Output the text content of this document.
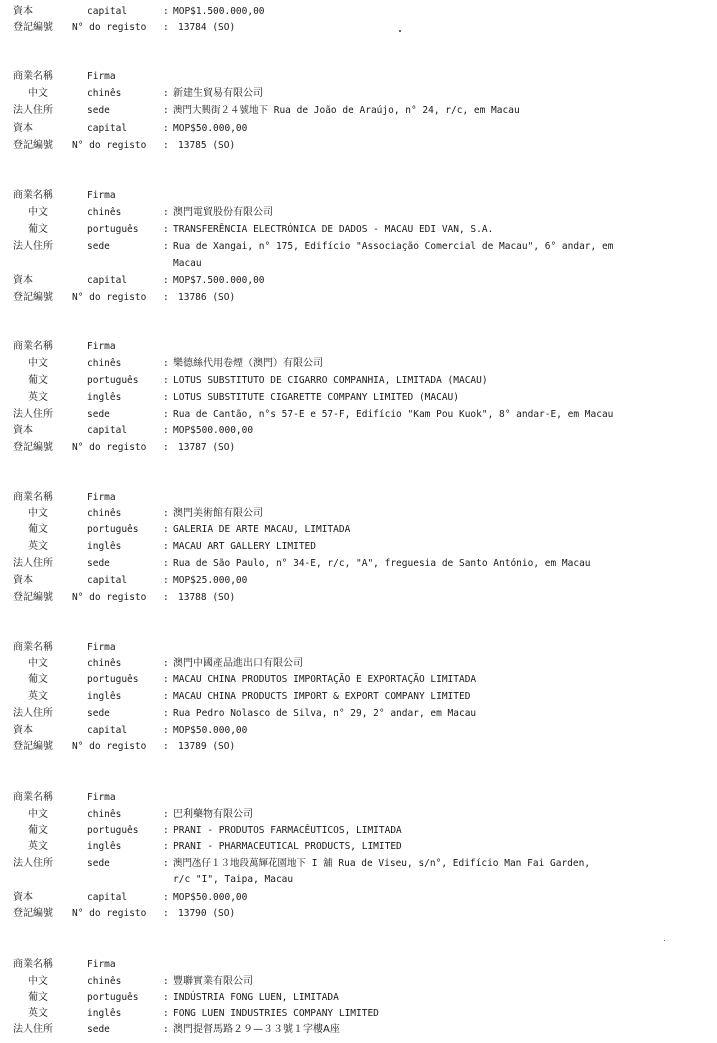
資本	capital	: MOP$1.500.000,00
登記編號 N° do registo : 13784 (SO)
商業名稱	Firma
中文	chinês	: 新建生貿易有限公司
法人住所	sede	: 澳門大興街２４號地下 Rua de João de Araújo, n° 24, r/c, em Macau
資本	capital	: MOP$50.000,00
登記編號 N° do registo : 13785 (SO)
商業名稱	Firma
中文	chinês	: 澳門電貿股份有限公司
葡文	português	: TRANSFERÊNCIA ELECTRÓNICA DE DADOS - MACAU EDI VAN, S.A.
法人住所	sede	: Rua de Xangai, n° 175, Edifício "Associação Comercial de Macau", 6° andar, em
Macau
資本	capital	: MOP$7.500.000,00
登記編號 N° do registo : 13786 (SO)
商業名稱	Firma
中文	chinês	: 樂德絲代用卷煙（澳門）有限公司
葡文	português	: LOTUS SUBSTITUTO DE CIGARRO COMPANHIA, LIMITADA (MACAU)
英文	inglês	: LOTUS SUBSTITUTE CIGARETTE COMPANY LIMITED (MACAU)
法人住所	sede	: Rua de Cantão, n°s 57-E e 57-F, Edifício "Kam Pou Kuok", 8° andar-E, em Macau
資本	capital	: MOP$500.000,00
登記編號 N° do registo : 13787 (SO)
商業名稱	Firma
中文	chinês	: 澳門美術館有限公司
葡文	português	: GALERIA DE ARTE MACAU, LIMITADA
英文	inglês	: MACAU ART GALLERY LIMITED
法人住所	sede	: Rua de São Paulo, n° 34-E, r/c, "A", freguesia de Santo António, em Macau
資本	capital	: MOP$25.000,00
登記編號 N° do registo : 13788 (SO)
商業名稱	Firma
中文	chinês	: 澳門中國產品進出口有限公司
葡文	português	: MACAU CHINA PRODUTOS IMPORTAÇÃO E EXPORTAÇÃO LIMITADA
英文	inglês	: MACAU CHINA PRODUCTS IMPORT & EXPORT COMPANY LIMITED
法人住所	sede	: Rua Pedro Nolasco de Silva, n° 29, 2° andar, em Macau
資本	capital	: MOP$50.000,00
登記編號 N° do registo : 13789 (SO)
商業名稱	Firma
中文	chinês	: 巴利藥物有限公司
葡文	português	: PRANI - PRODUTOS FARMACÊUTICOS, LIMITADA
英文	inglês	: PRANI - PHARMACEUTICAL PRODUCTS, LIMITED
法人住所	sede	: 澳門氹仔１３地段萬輝花園地下 I 舖 Rua de Viseu, s/n°, Edifício Man Fai Garden,
r/c "I", Taipa, Macau
資本	capital	: MOP$50.000,00
登記編號 N° do registo : 13790 (SO)
商業名稱	Firma
中文	chinês	: 豐聯實業有限公司
葡文	português	: INDÚSTRIA FONG LUEN, LIMITADA
英文	inglês	: FONG LUEN INDUSTRIES COMPANY LIMITED
法人住所	sede	: 澳門提督馬路２９—３３號１字樓A座
